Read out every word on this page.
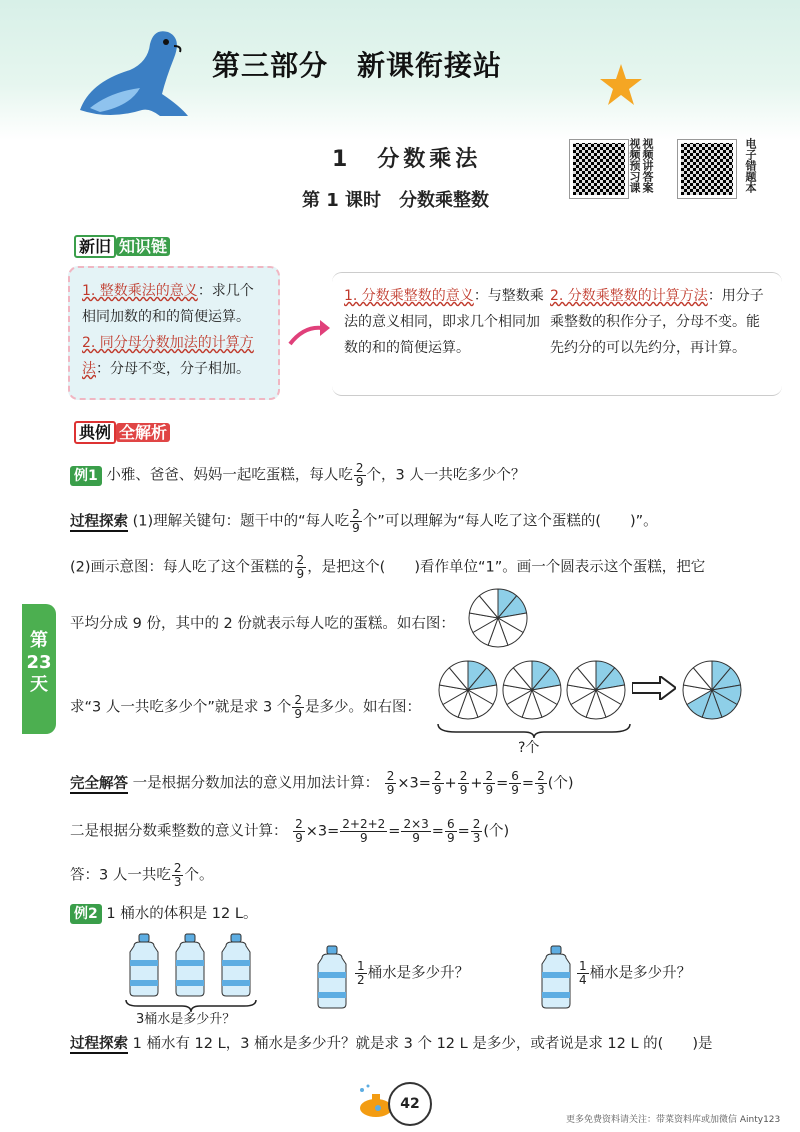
第三部分　新课衔接站
1　分数乘法
第 1 课时　分数乘整数
视频讲答案 视频预习课	电子错题本
新旧 知识链
1. 整数乘法的意义：求几个相同加数的和的简便运算。
2. 同分母分数加法的计算方法：分母不变，分子相加。
1. 分数乘整数的意义：与整数乘法的意义相同，即求几个相同加数的和的简便运算。
2. 分数乘整数的计算方法：用分子乘整数的积作分子，分母不变。能先约分的可以先约分，再计算。
典例 全解析
例1 小雅、爸爸、妈妈一起吃蛋糕，每人吃 $\frac{2}{9}$ 个，3 人一共吃多少个？
过程探索 (1)理解关键句：题干中的“每人吃 $\frac{2}{9}$ 个”可以理解为“每人吃了这个蛋糕的(　　)”。
(2)画示意图：每人吃了这个蛋糕的 $\frac{2}{9}$ ，是把这个(　　)看作单位“1”。画一个圆表示这个蛋糕，把它
平均分成 9 份，其中的 2 份就表示每人吃的蛋糕。如右图：
第23天
?个
求“3 人一共吃多少个”就是求 3 个 $\frac{2}{9}$ 是多少。如右图：
完全解答 一是根据分数加法的意义用加法计算： $\frac{2}{9} \times 3= \frac{2}{9} + \frac{2}{9} + \frac{2}{9} = \frac{6}{9} = \frac{2}{3}$ (个)
二是根据分数乘整数的意义计算： $\frac{2}{9} \times 3= \frac{2+2+2}{9} = \frac{2\times 3}{9} = \frac{6}{9} = \frac{2}{3}$ (个)
答：3 人一共吃 $\frac{2}{3}$ 个。
例2 1 桶水的体积是 12 L。
3桶水是多少升？
$\frac{1}{2}$ 桶水是多少升？	$\frac{1}{4}$ 桶水是多少升？
过程探索 1 桶水有 12 L，3 桶水是多少升？就是求 3 个 12 L 是多少，或者说是求 12 L 的(　　)是
42
更多免费资料请关注：带菜资料库或加微信 Ainty123
